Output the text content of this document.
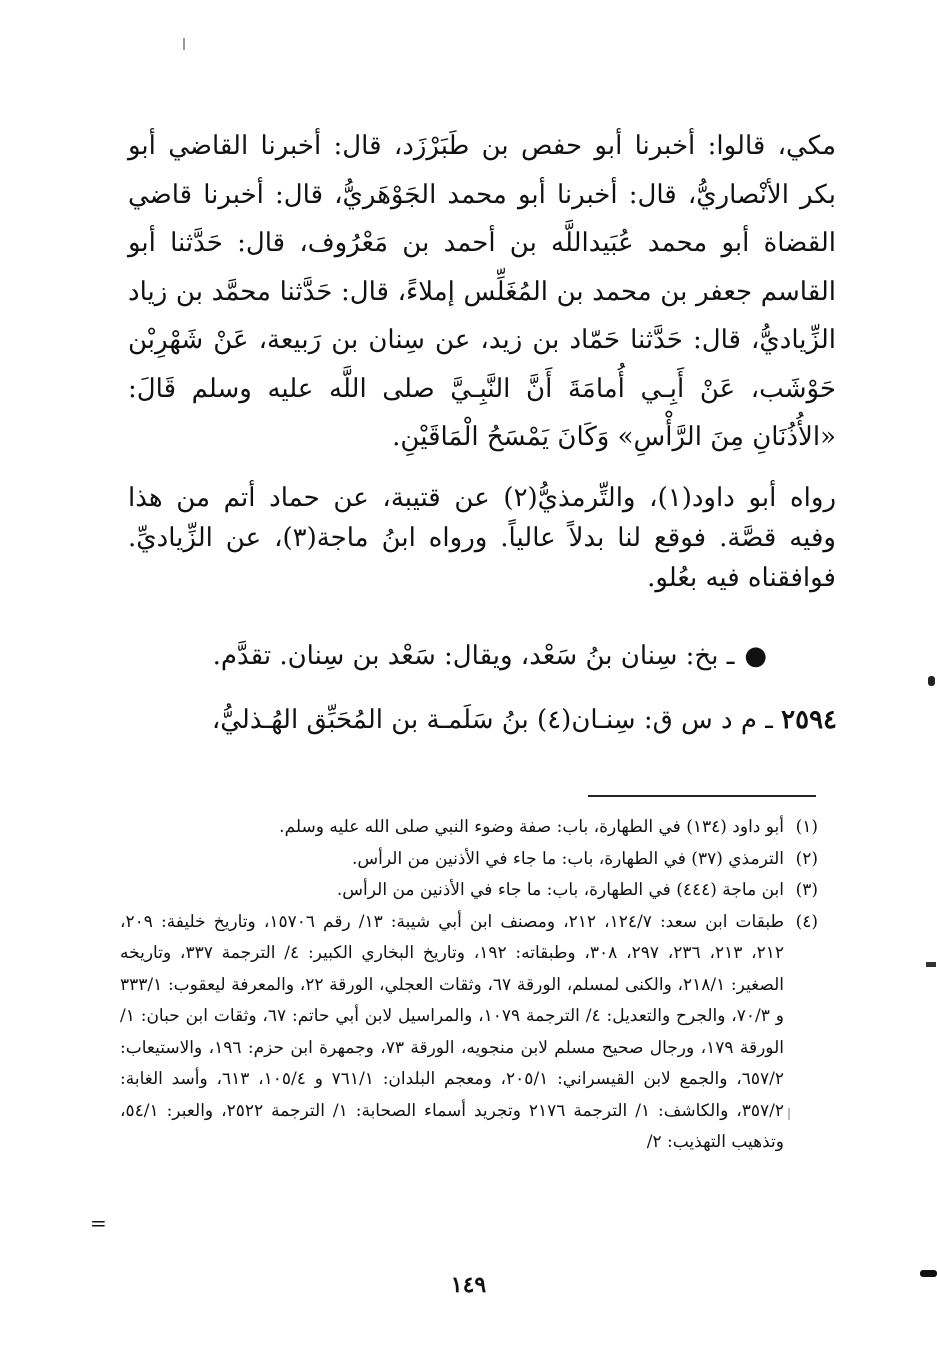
مكي، قالوا: أخبرنا أبو حفص بن طَبَرْزَد، قال: أخبرنا القاضي أبو بكر الأنْصاريُّ، قال: أخبرنا أبو محمد الجَوْهَريُّ، قال: أخبرنا قاضي القضاة أبو محمد عُبَيداللَّه بن أحمد بن مَعْرُوف، قال: حَدَّثنا أبو القاسم جعفر بن محمد بن المُغَلِّس إملاءً، قال: حَدَّثنا محمَّد بن زياد الزِّياديُّ، قال: حَدَّثنا حَمّاد بن زيد، عن سِنان بن رَبيعة، عَنْ شَهْرِبْن حَوْشَب، عَنْ أَبِـي أُمامَةَ أَنَّ النَّبِـيَّ صلى اللَّه عليه وسلم قَالَ: «الأُذُنَانِ مِنَ الرَّأْسِ» وَكَانَ يَمْسَحُ الْمَاقَيْنِ.

رواه أبو داود(١)، والتِّرمذيُّ(٢) عن قتيبة، عن حماد أتم من هذا وفيه قصَّة. فوقع لنا بدلاً عالياً. ورواه ابنُ ماجة(٣)، عن الزِّياديِّ. فوافقناه فيه بعُلو.

●ـ بخ: سِنان بنُ سَعْد، ويقال: سَعْد بن سِنان. تقدَّم.

٢٥٩٤ ـ م د س ق: سِنـان(٤) بنُ سَلَمـة بن المُحَبِّق الهُـذليُّ،

(١)
أبو داود (١٣٤) في الطهارة، باب: صفة وضوء النبي صلى الله عليه وسلم.
(٢)
الترمذي (٣٧) في الطهارة، باب: ما جاء في الأذنين من الرأس.
(٣)
ابن ماجة (٤٤٤) في الطهارة، باب: ما جاء في الأذنين من الرأس.
(٤)
طبقات ابن سعد: ١٢٤/٧، ٢١٢، ومصنف ابن أبي شيبة: ١٣/ رقم ١٥٧٠٦، وتاريخ خليفة: ٢٠٩، ٢١٢، ٢١٣، ٢٣٦، ٢٩٧، ٣٠٨، وطبقاته: ١٩٢، وتاريخ البخاري الكبير: ٤/ الترجمة ٣٣٧، وتاريخه الصغير: ٢١٨/١، والكنى لمسلم، الورقة ٦٧، وثقات العجلي، الورقة ٢٢، والمعرفة ليعقوب: ٣٣٣/١ و ٧٠/٣، والجرح والتعديل: ٤/ الترجمة ١٠٧٩، والمراسيل لابن أبي حاتم: ٦٧، وثقات ابن حبان: ١/ الورقة ١٧٩، ورجال صحيح مسلم لابن منجويه، الورقة ٧٣، وجمهرة ابن حزم: ١٩٦، والاستيعاب: ٦٥٧/٢، والجمع لابن القيسراني: ٢٠٥/١، ومعجم البلدان: ٧٦١/١ و ١٠٥/٤، ٦١٣، وأسد الغابة: ٣٥٧/٢، والكاشف: ١/ الترجمة ٢١٧٦ وتجريد أسماء الصحابة: ١/ الترجمة ٢٥٢٢، والعبر: ٥٤/١، وتذهيب التهذيب: ٢/
=
١٤٩
